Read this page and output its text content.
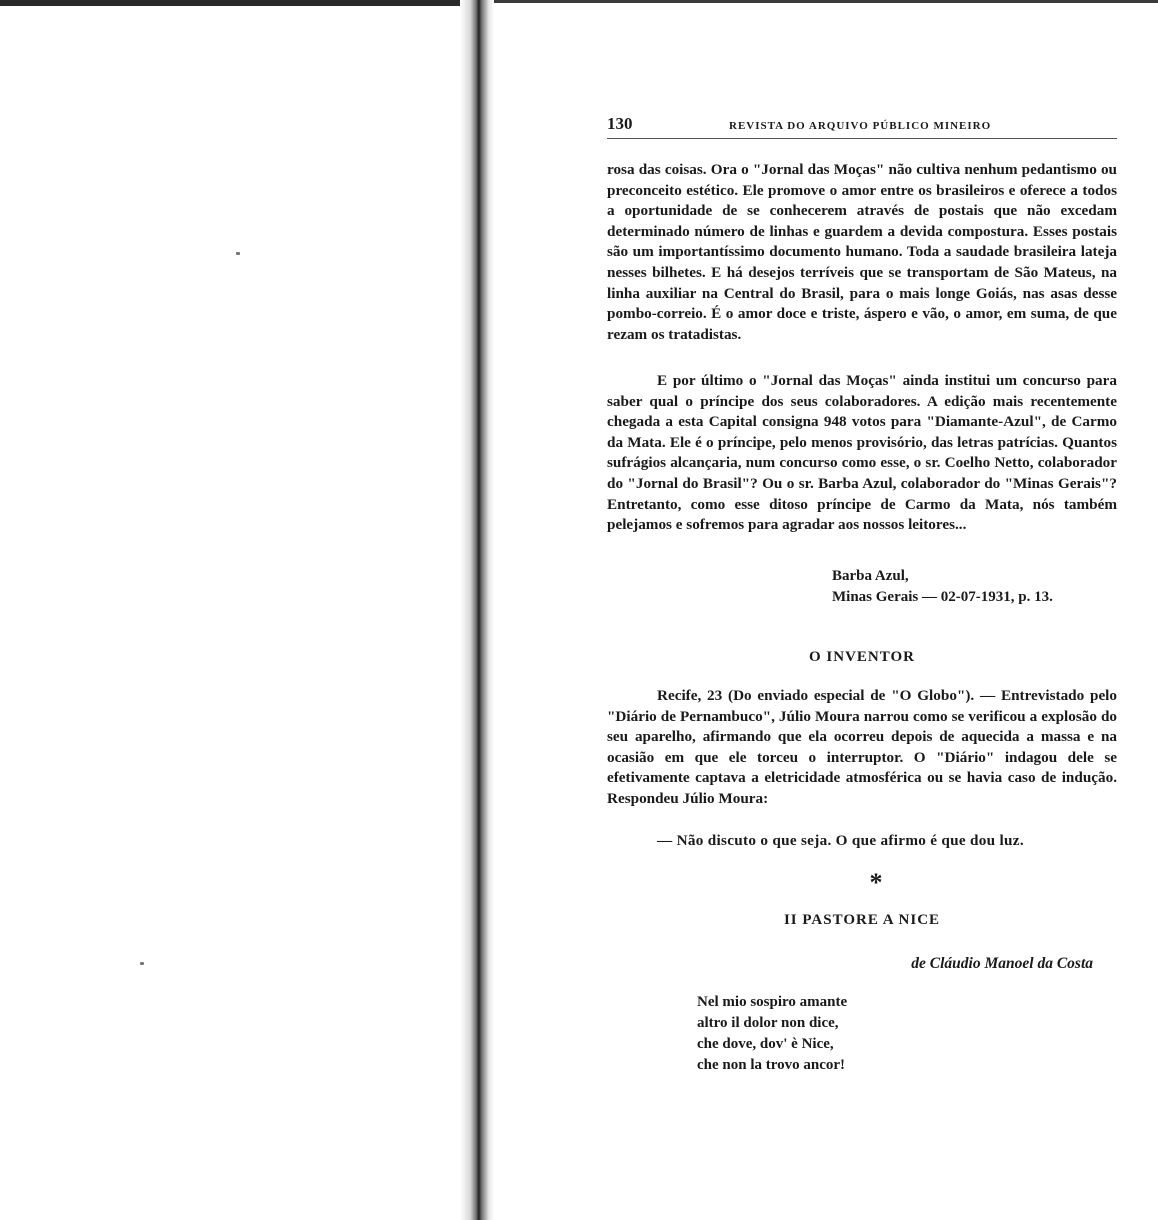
130	REVISTA DO ARQUIVO PÚBLICO MINEIRO

rosa das coisas. Ora o "Jornal das Moças" não cultiva nenhum pedantismo ou preconceito estético. Ele promove o amor entre os brasileiros e oferece a todos a oportunidade de se conhecerem através de postais que não excedam determinado número de linhas e guardem a devida compostura. Esses postais são um importantíssimo documento humano. Toda a saudade brasileira lateja nesses bilhetes. E há desejos terríveis que se transportam de São Mateus, na linha auxiliar na Central do Brasil, para o mais longe Goiás, nas asas desse pombo-correio. É o amor doce e triste, áspero e vão, o amor, em suma, de que rezam os tratadistas.

E por último o "Jornal das Moças" ainda institui um concurso para saber qual o príncipe dos seus colaboradores. A edição mais recentemente chegada a esta Capital consigna 948 votos para "Diamante-Azul", de Carmo da Mata. Ele é o príncipe, pelo menos provisório, das letras patrícias. Quantos sufrágios alcançaria, num concurso como esse, o sr. Coelho Netto, colaborador do "Jornal do Brasil"? Ou o sr. Barba Azul, colaborador do "Minas Gerais"? Entretanto, como esse ditoso príncipe de Carmo da Mata, nós também pelejamos e sofremos para agradar aos nossos leitores...

Barba Azul,
Minas Gerais — 02-07-1931, p. 13.
O INVENTOR

Recife, 23 (Do enviado especial de "O Globo"). — Entrevistado pelo "Diário de Pernambuco", Júlio Moura narrou como se verificou a explosão do seu aparelho, afirmando que ela ocorreu depois de aquecida a massa e na ocasião em que ele torceu o interruptor. O "Diário" indagou dele se efetivamente captava a eletricidade atmosférica ou se havia caso de indução. Respondeu Júlio Moura:

— Não discuto o que seja. O que afirmo é que dou luz.
*
II PASTORE A NICE
de Cláudio Manoel da Costa
Nel mio sospiro amante
altro il dolor non dice,
che dove, dov' è Nice,
che non la trovo ancor!
